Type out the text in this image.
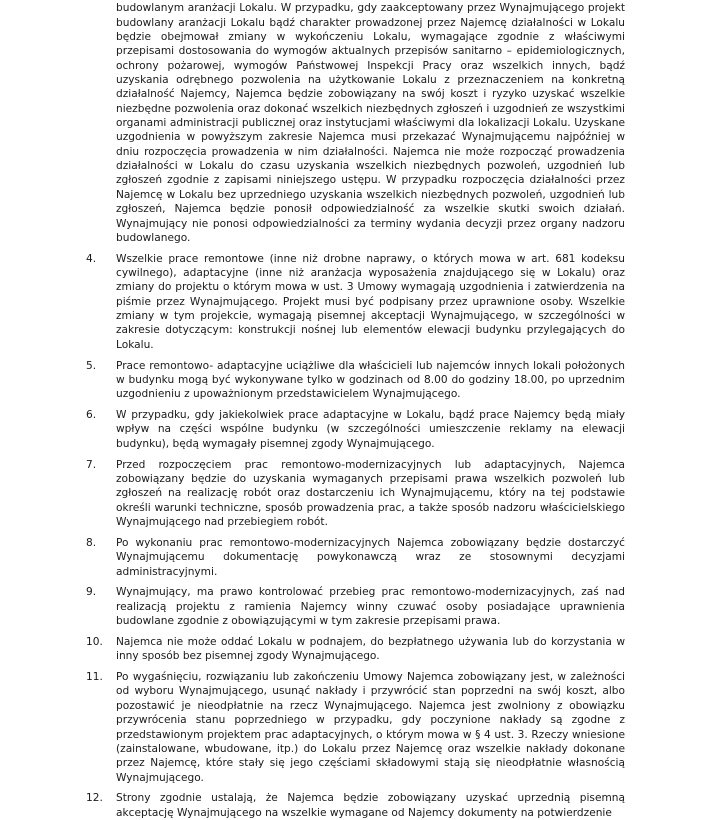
budowlanym aranżacji Lokalu. W przypadku, gdy zaakceptowany przez Wynajmującego projekt budowlany aranżacji Lokalu bądź charakter prowadzonej przez Najemcę działalności w Lokalu będzie obejmował zmiany w wykończeniu Lokalu, wymagające zgodnie z właściwymi przepisami dostosowania do wymogów aktualnych przepisów sanitarno – epidemiologicznych, ochrony pożarowej, wymogów Państwowej Inspekcji Pracy oraz wszelkich innych, bądź uzyskania odrębnego pozwolenia na użytkowanie Lokalu z przeznaczeniem na konkretną działalność Najemcy, Najemca będzie zobowiązany na swój koszt i ryzyko uzyskać wszelkie niezbędne pozwolenia oraz dokonać wszelkich niezbędnych zgłoszeń i uzgodnień ze wszystkimi organami administracji publicznej oraz instytucjami właściwymi dla lokalizacji Lokalu. Uzyskane uzgodnienia w powyższym zakresie Najemca musi przekazać Wynajmującemu najpóźniej w dniu rozpoczęcia prowadzenia w nim działalności. Najemca nie może rozpocząć prowadzenia działalności w Lokalu do czasu uzyskania wszelkich niezbędnych pozwoleń, uzgodnień lub zgłoszeń zgodnie z zapisami niniejszego ustępu. W przypadku rozpoczęcia działalności przez Najemcę w Lokalu bez uprzedniego uzyskania wszelkich niezbędnych pozwoleń, uzgodnień lub zgłoszeń, Najemca będzie ponosił odpowiedzialność za wszelkie skutki swoich działań. Wynajmujący nie ponosi odpowiedzialności za terminy wydania decyzji przez organy nadzoru budowlanego.
4.	Wszelkie prace remontowe (inne niż drobne naprawy, o których mowa w art. 681 kodeksu cywilnego), adaptacyjne (inne niż aranżacja wyposażenia znajdującego się w Lokalu) oraz zmiany do projektu o którym mowa w ust. 3 Umowy wymagają uzgodnienia i zatwierdzenia na piśmie przez Wynajmującego. Projekt musi być podpisany przez uprawnione osoby. Wszelkie zmiany w tym projekcie, wymagają pisemnej akceptacji Wynajmującego, w szczególności w zakresie dotyczącym: konstrukcji nośnej lub elementów elewacji budynku przylegających do Lokalu.
5.	Prace remontowo- adaptacyjne uciążliwe dla właścicieli lub najemców innych lokali położonych w budynku mogą być wykonywane tylko w godzinach od 8.00 do godziny 18.00, po uprzednim uzgodnieniu z upoważnionym przedstawicielem Wynajmującego.
6.	W przypadku, gdy jakiekolwiek prace adaptacyjne w Lokalu, bądź prace Najemcy będą miały wpływ na części wspólne budynku (w szczególności umieszczenie reklamy na elewacji budynku), będą wymagały pisemnej zgody Wynajmującego.
7.	Przed rozpoczęciem prac remontowo-modernizacyjnych lub adaptacyjnych, Najemca zobowiązany będzie do uzyskania wymaganych przepisami prawa wszelkich pozwoleń lub zgłoszeń na realizację robót oraz dostarczeniu ich Wynajmującemu, który na tej podstawie określi warunki techniczne, sposób prowadzenia prac, a także sposób nadzoru właścicielskiego Wynajmującego nad przebiegiem robót.
8.	Po wykonaniu prac remontowo-modernizacyjnych Najemca zobowiązany będzie dostarczyć Wynajmującemu dokumentację powykonawczą wraz ze stosownymi decyzjami administracyjnymi.
9.	Wynajmujący, ma prawo kontrolować przebieg prac remontowo-modernizacyjnych, zaś nad realizacją projektu z ramienia Najemcy winny czuwać osoby posiadające uprawnienia budowlane zgodnie z obowiązującymi w tym zakresie przepisami prawa.
10.	Najemca nie może oddać Lokalu w podnajem, do bezpłatnego używania lub do korzystania w inny sposób bez pisemnej zgody Wynajmującego.
11.	Po wygaśnięciu, rozwiązaniu lub zakończeniu Umowy Najemca zobowiązany jest, w zależności od wyboru Wynajmującego, usunąć nakłady i przywrócić stan poprzedni na swój koszt, albo pozostawić je nieodpłatnie na rzecz Wynajmującego. Najemca jest zwolniony z obowiązku przywrócenia stanu poprzedniego w przypadku, gdy poczynione nakłady są zgodne z przedstawionym projektem prac adaptacyjnych, o którym mowa w § 4 ust. 3. Rzeczy wniesione (zainstalowane, wbudowane, itp.) do Lokalu przez Najemcę oraz wszelkie nakłady dokonane przez Najemcę, które stały się jego częściami składowymi stają się nieodpłatnie własnością Wynajmującego.
12.	Strony zgodnie ustalają, że Najemca będzie zobowiązany uzyskać uprzednią pisemną akceptację Wynajmującego na wszelkie wymagane od Najemcy dokumenty na potwierdzenie
